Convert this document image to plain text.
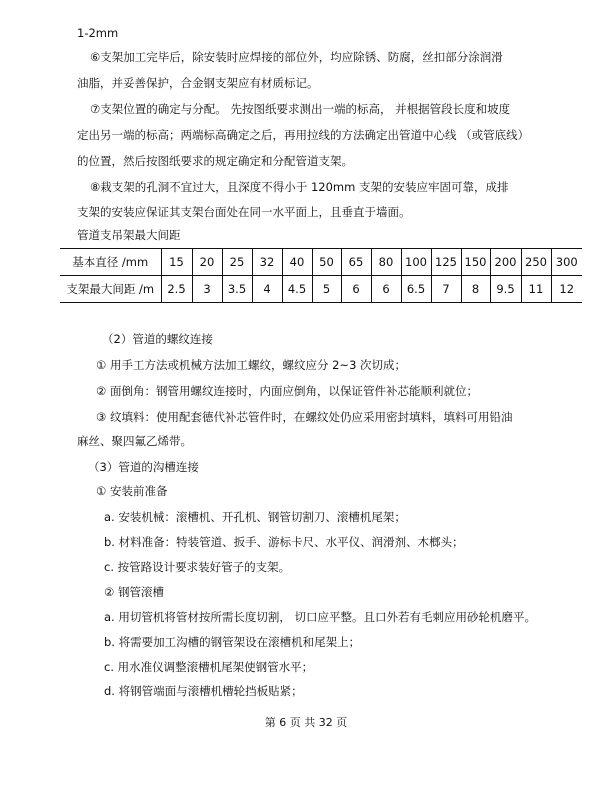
1-2mm
⑥支架加工完毕后，除安装时应焊接的部位外，均应除锈、防腐，丝扣部分涂润滑
油脂，并妥善保护，合金钢支架应有材质标记。
⑦支架位置的确定与分配。 先按图纸要求测出一端的标高， 并根据管段长度和坡度
定出另一端的标高；两端标高确定之后，再用拉线的方法确定出管道中心线 （或管底线）
的位置，然后按图纸要求的规定确定和分配管道支架。
⑧栽支架的孔洞不宜过大，且深度不得小于 120mm 支架的安装应牢固可靠，成排
支架的安装应保证其支架台面处在同一水平面上，且垂直于墙面。
管道支吊架最大间距
基本直径 /mm	15	20	25	32	40	50	65	80	100	125	150	200	250	300
支架最大间距 /m	2.5	3	3.5	4	4.5	5	6	6	6.5	7	8	9.5	11	12
（2）管道的螺纹连接
① 用手工方法或机械方法加工螺纹，螺纹应分 2~3 次切成；
② 面倒角：钢管用螺纹连接时，内面应倒角，以保证管件补芯能顺利就位；
③ 纹填料：使用配套德代补芯管件时，在螺纹处仍应采用密封填料，填料可用铅油
麻丝、聚四氟乙烯带。
（3）管道的沟槽连接
① 安装前准备
a. 安装机械：滚槽机、开孔机、钢管切割刀、滚槽机尾架；
b. 材料准备：特装管道、扳手、游标卡尺、水平仪、润滑剂、木榔头；
c. 按管路设计要求装好管子的支架。
② 钢管滚槽
a. 用切管机将管材按所需长度切割， 切口应平整。且口外若有毛刺应用砂轮机磨平。
b. 将需要加工沟槽的钢管架设在滚槽机和尾架上；
c. 用水准仪调整滚槽机尾架使钢管水平；
d. 将钢管端面与滚槽机槽轮挡板贴紧；
第 6 页 共 32 页
